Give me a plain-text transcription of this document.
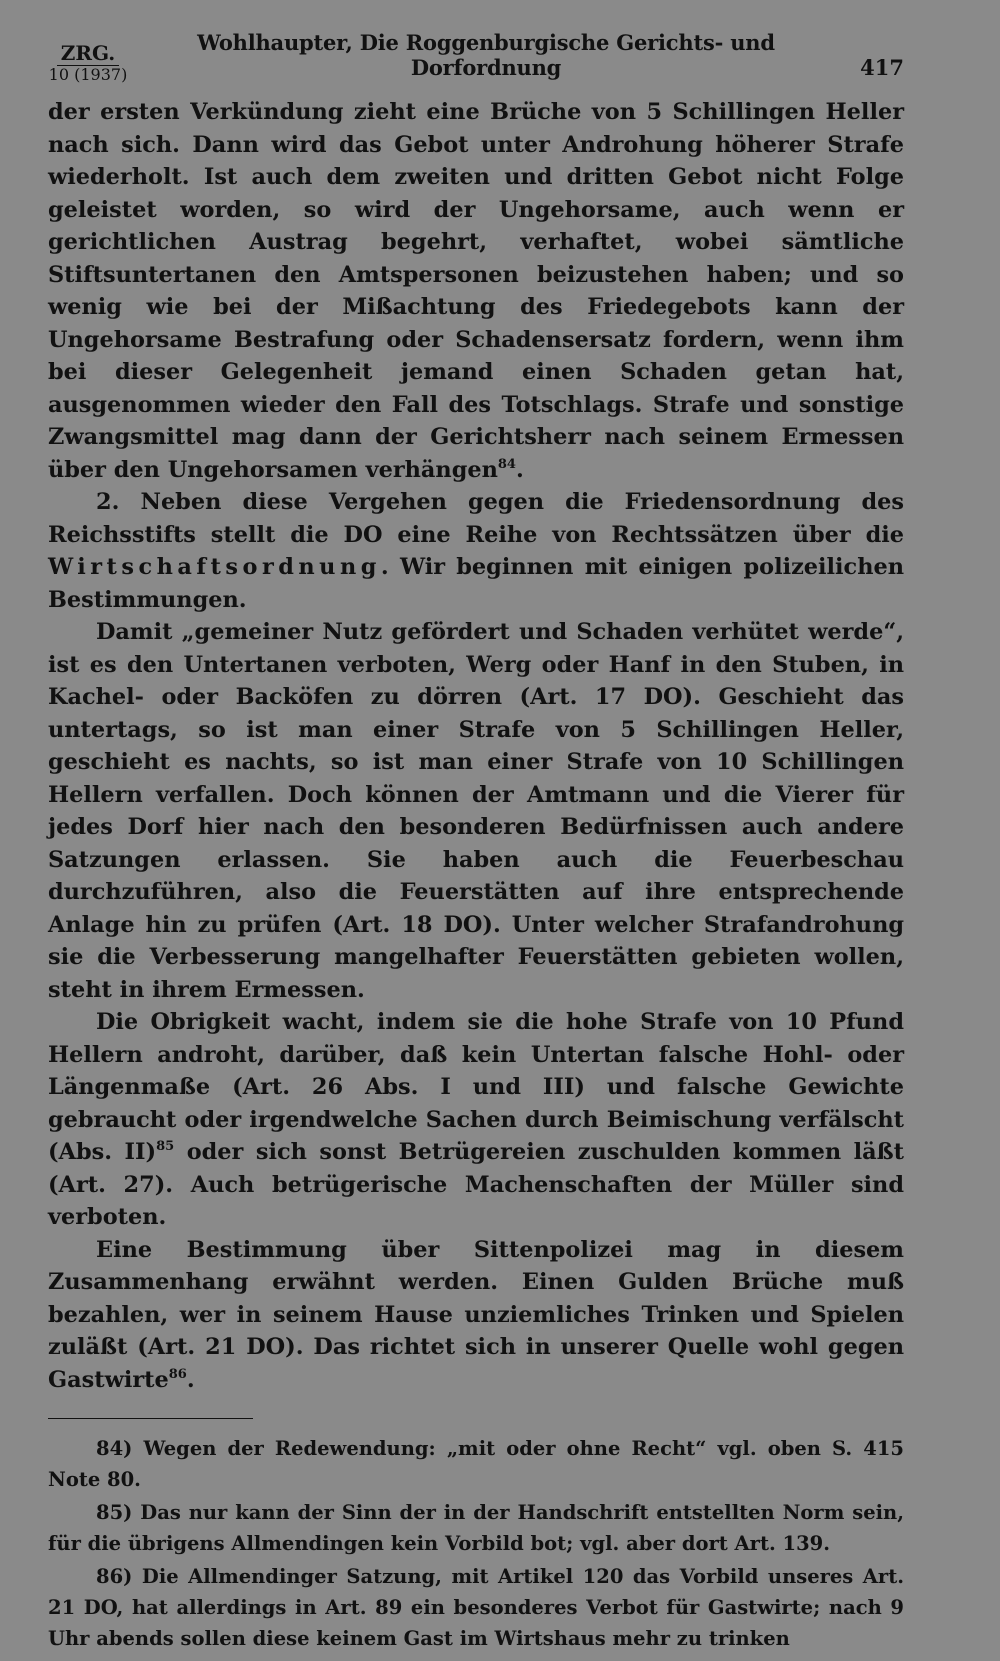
ZRG.
10 (1937)
Wohlhaupter, Die Roggenburgische Gerichts- und Dorfordnung	417

der ersten Verkündung zieht eine Brüche von 5 Schillingen Heller nach sich. Dann wird das Gebot unter Androhung höherer Strafe wiederholt. Ist auch dem zweiten und dritten Gebot nicht Folge geleistet worden, so wird der Ungehorsame, auch wenn er gerichtlichen Austrag begehrt, verhaftet, wobei sämtliche Stiftsuntertanen den Amtspersonen beizustehen haben; und so wenig wie bei der Mißachtung des Friedegebots kann der Ungehorsame Bestrafung oder Schadensersatz fordern, wenn ihm bei dieser Gelegenheit jemand einen Schaden getan hat, ausgenommen wieder den Fall des Totschlags. Strafe und sonstige Zwangsmittel mag dann der Gerichtsherr nach seinem Ermessen über den Ungehorsamen verhängen$^{84}$.

2. Neben diese Vergehen gegen die Friedensordnung des Reichsstifts stellt die DO eine Reihe von Rechtssätzen über die Wirtschaftsordnung. Wir beginnen mit einigen polizeilichen Bestimmungen.

Damit „gemeiner Nutz gefördert und Schaden verhütet werde“, ist es den Untertanen verboten, Werg oder Hanf in den Stuben, in Kachel- oder Backöfen zu dörren (Art. 17 DO). Geschieht das untertags, so ist man einer Strafe von 5 Schillingen Heller, geschieht es nachts, so ist man einer Strafe von 10 Schillingen Hellern verfallen. Doch können der Amtmann und die Vierer für jedes Dorf hier nach den besonderen Bedürfnissen auch andere Satzungen erlassen. Sie haben auch die Feuerbeschau durchzuführen, also die Feuerstätten auf ihre entsprechende Anlage hin zu prüfen (Art. 18 DO). Unter welcher Strafandrohung sie die Verbesserung mangelhafter Feuerstätten gebieten wollen, steht in ihrem Ermessen.

Die Obrigkeit wacht, indem sie die hohe Strafe von 10 Pfund Hellern androht, darüber, daß kein Untertan falsche Hohl- oder Längenmaße (Art. 26 Abs. I und III) und falsche Gewichte gebraucht oder irgendwelche Sachen durch Beimischung verfälscht (Abs. II)$^{85}$ oder sich sonst Betrügereien zuschulden kommen läßt (Art. 27). Auch betrügerische Machenschaften der Müller sind verboten.

Eine Bestimmung über Sittenpolizei mag in diesem Zusammenhang erwähnt werden. Einen Gulden Brüche muß bezahlen, wer in seinem Hause unziemliches Trinken und Spielen zuläßt (Art. 21 DO). Das richtet sich in unserer Quelle wohl gegen Gastwirte$^{86}$.

84) Wegen der Redewendung: „mit oder ohne Recht“ vgl. oben S. 415 Note 80.

85) Das nur kann der Sinn der in der Handschrift entstellten Norm sein, für die übrigens Allmendingen kein Vorbild bot; vgl. aber dort Art. 139.

86) Die Allmendinger Satzung, mit Artikel 120 das Vorbild unseres Art. 21 DO, hat allerdings in Art. 89 ein besonderes Verbot für Gastwirte; nach 9 Uhr abends sollen diese keinem Gast im Wirtshaus mehr zu trinken
